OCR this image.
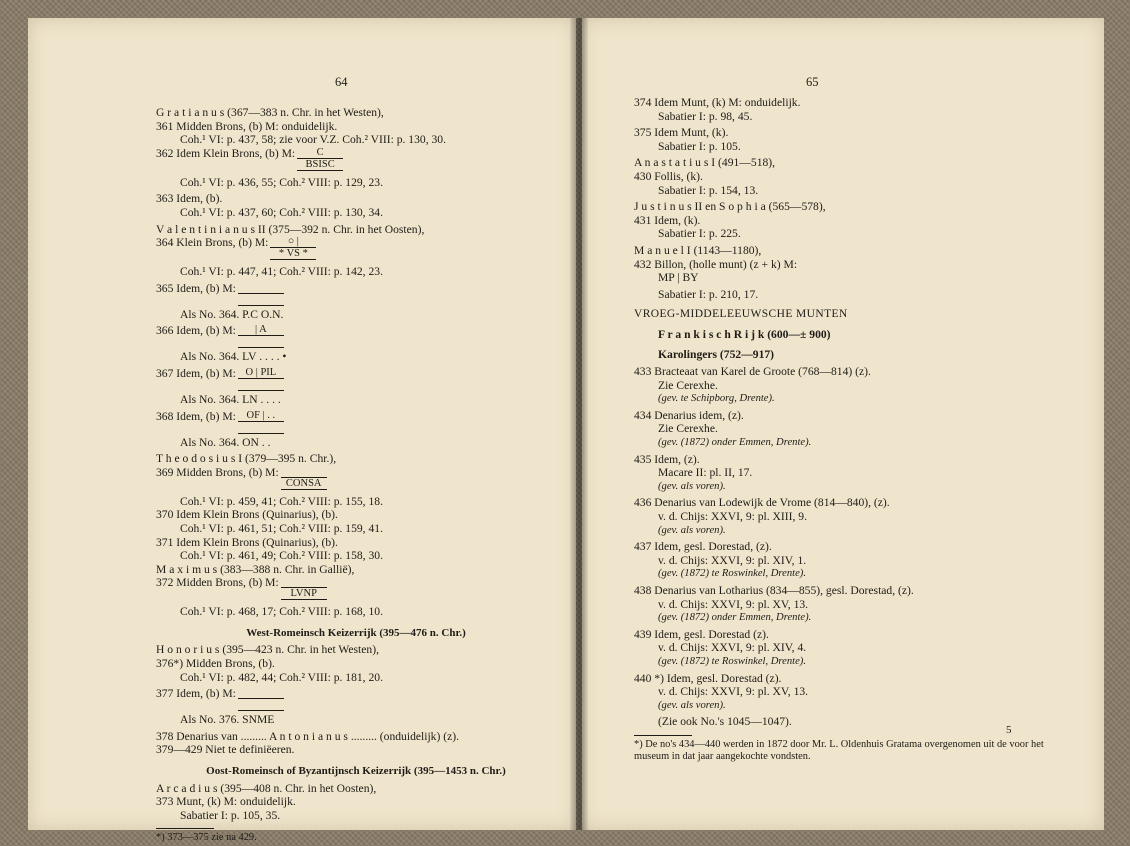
64
G r a t i a n u s (367—383 n. Chr. in het Westen),
361 Midden Brons, (b) M: onduidelijk.
Coh.¹ VI: p. 437, 58; zie voor V.Z. Coh.² VIII: p. 130, 30.
362 Idem Klein Brons, (b) M:	C
BSISC
Coh.¹ VI: p. 436, 55; Coh.² VIII: p. 129, 23.
363 Idem, (b).
Coh.¹ VI: p. 437, 60; Coh.² VIII: p. 130, 34.
V a l e n t i n i a n u s II (375—392 n. Chr. in het Oosten),
364 Klein Brons, (b) M:	○ |
* VS *
Coh.¹ VI: p. 447, 41; Coh.² VIII: p. 142, 23.
365 Idem, (b) M:
Als No. 364. P.C O.N.
366 Idem, (b) M:	| A
Als No. 364. LV . . . . •
367 Idem, (b) M: O | PIL
Als No. 364. LN . . . .
368 Idem, (b) M:	OF | . .
Als No. 364. ON . .
T h e o d o s i u s I (379—395 n. Chr.),
369 Midden Brons, (b) M:
CONSA
Coh.¹ VI: p. 459, 41; Coh.² VIII: p. 155, 18.
370 Idem Klein Brons (Quinarius), (b).
Coh.¹ VI: p. 461, 51; Coh.² VIII: p. 159, 41.
371 Idem Klein Brons (Quinarius), (b).
Coh.¹ VI: p. 461, 49; Coh.² VIII: p. 158, 30.
M a x i m u s (383—388 n. Chr. in Gallië),
372 Midden Brons, (b) M:
LVNP
Coh.¹ VI: p. 468, 17; Coh.² VIII: p. 168, 10.
West-Romeinsch Keizerrijk (395—476 n. Chr.)
H o n o r i u s (395—423 n. Chr. in het Westen),
376*) Midden Brons, (b).
Coh.¹ VI: p. 482, 44; Coh.² VIII: p. 181, 20.
377 Idem, (b) M:
Als No. 376. SNME
378 Denarius van ......... A n t o n i a n u s ......... (onduidelijk) (z).
379—429 Niet te definiëeren.
Oost-Romeinsch of Byzantijnsch Keizerrijk (395—1453 n. Chr.)
A r c a d i u s (395—408 n. Chr. in het Oosten),
373 Munt, (k) M: onduidelijk.
Sabatier I: p. 105, 35.
*) 373—375 zie na 429.
65
374 Idem Munt, (k) M: onduidelijk.
Sabatier I: p. 98, 45.
375 Idem Munt, (k).
Sabatier I: p. 105.
A n a s t a t i u s I (491—518),
430 Follis, (k).
Sabatier I: p. 154, 13.
J u s t i n u s II en S o p h i a (565—578),
431 Idem, (k).
Sabatier I: p. 225.
M a n u e l I (1143—1180),
432 Billon, (holle munt) (z + k) M:
MP | BY
Sabatier I: p. 210, 17.
VROEG-MIDDELEEUWSCHE MUNTEN
F r a n k i s c h R i j k (600—± 900)
Karolingers (752—917)
433 Bracteaat van Karel de Groote (768—814) (z).
Zie Cerexhe.
(gev. te Schipborg, Drente).
434 Denarius idem, (z).
Zie Cerexhe.
(gev. (1872) onder Emmen, Drente).
435 Idem, (z).
Macare II: pl. II, 17.
(gev. als voren).
436 Denarius van Lodewijk de Vrome (814—840), (z).
v. d. Chijs: XXVI, 9: pl. XIII, 9.
(gev. als voren).
437 Idem, gesl. Dorestad, (z).
v. d. Chijs: XXVI, 9: pl. XIV, 1.
(gev. (1872) te Roswinkel, Drente).
438 Denarius van Lotharius (834—855), gesl. Dorestad, (z).
v. d. Chijs: XXVI, 9: pl. XV, 13.
(gev. (1872) onder Emmen, Drente).
439 Idem, gesl. Dorestad (z).
v. d. Chijs: XXVI, 9: pl. XIV, 4.
(gev. (1872) te Roswinkel, Drente).
440 *) Idem, gesl. Dorestad (z).
v. d. Chijs: XXVI, 9: pl. XV, 13.
(gev. als voren).
(Zie ook No.'s 1045—1047).
*) De no's 434—440 werden in 1872 door Mr. L. Oldenhuis Gratama overgenomen uit de voor het museum in dat jaar aangekochte vondsten.
5
